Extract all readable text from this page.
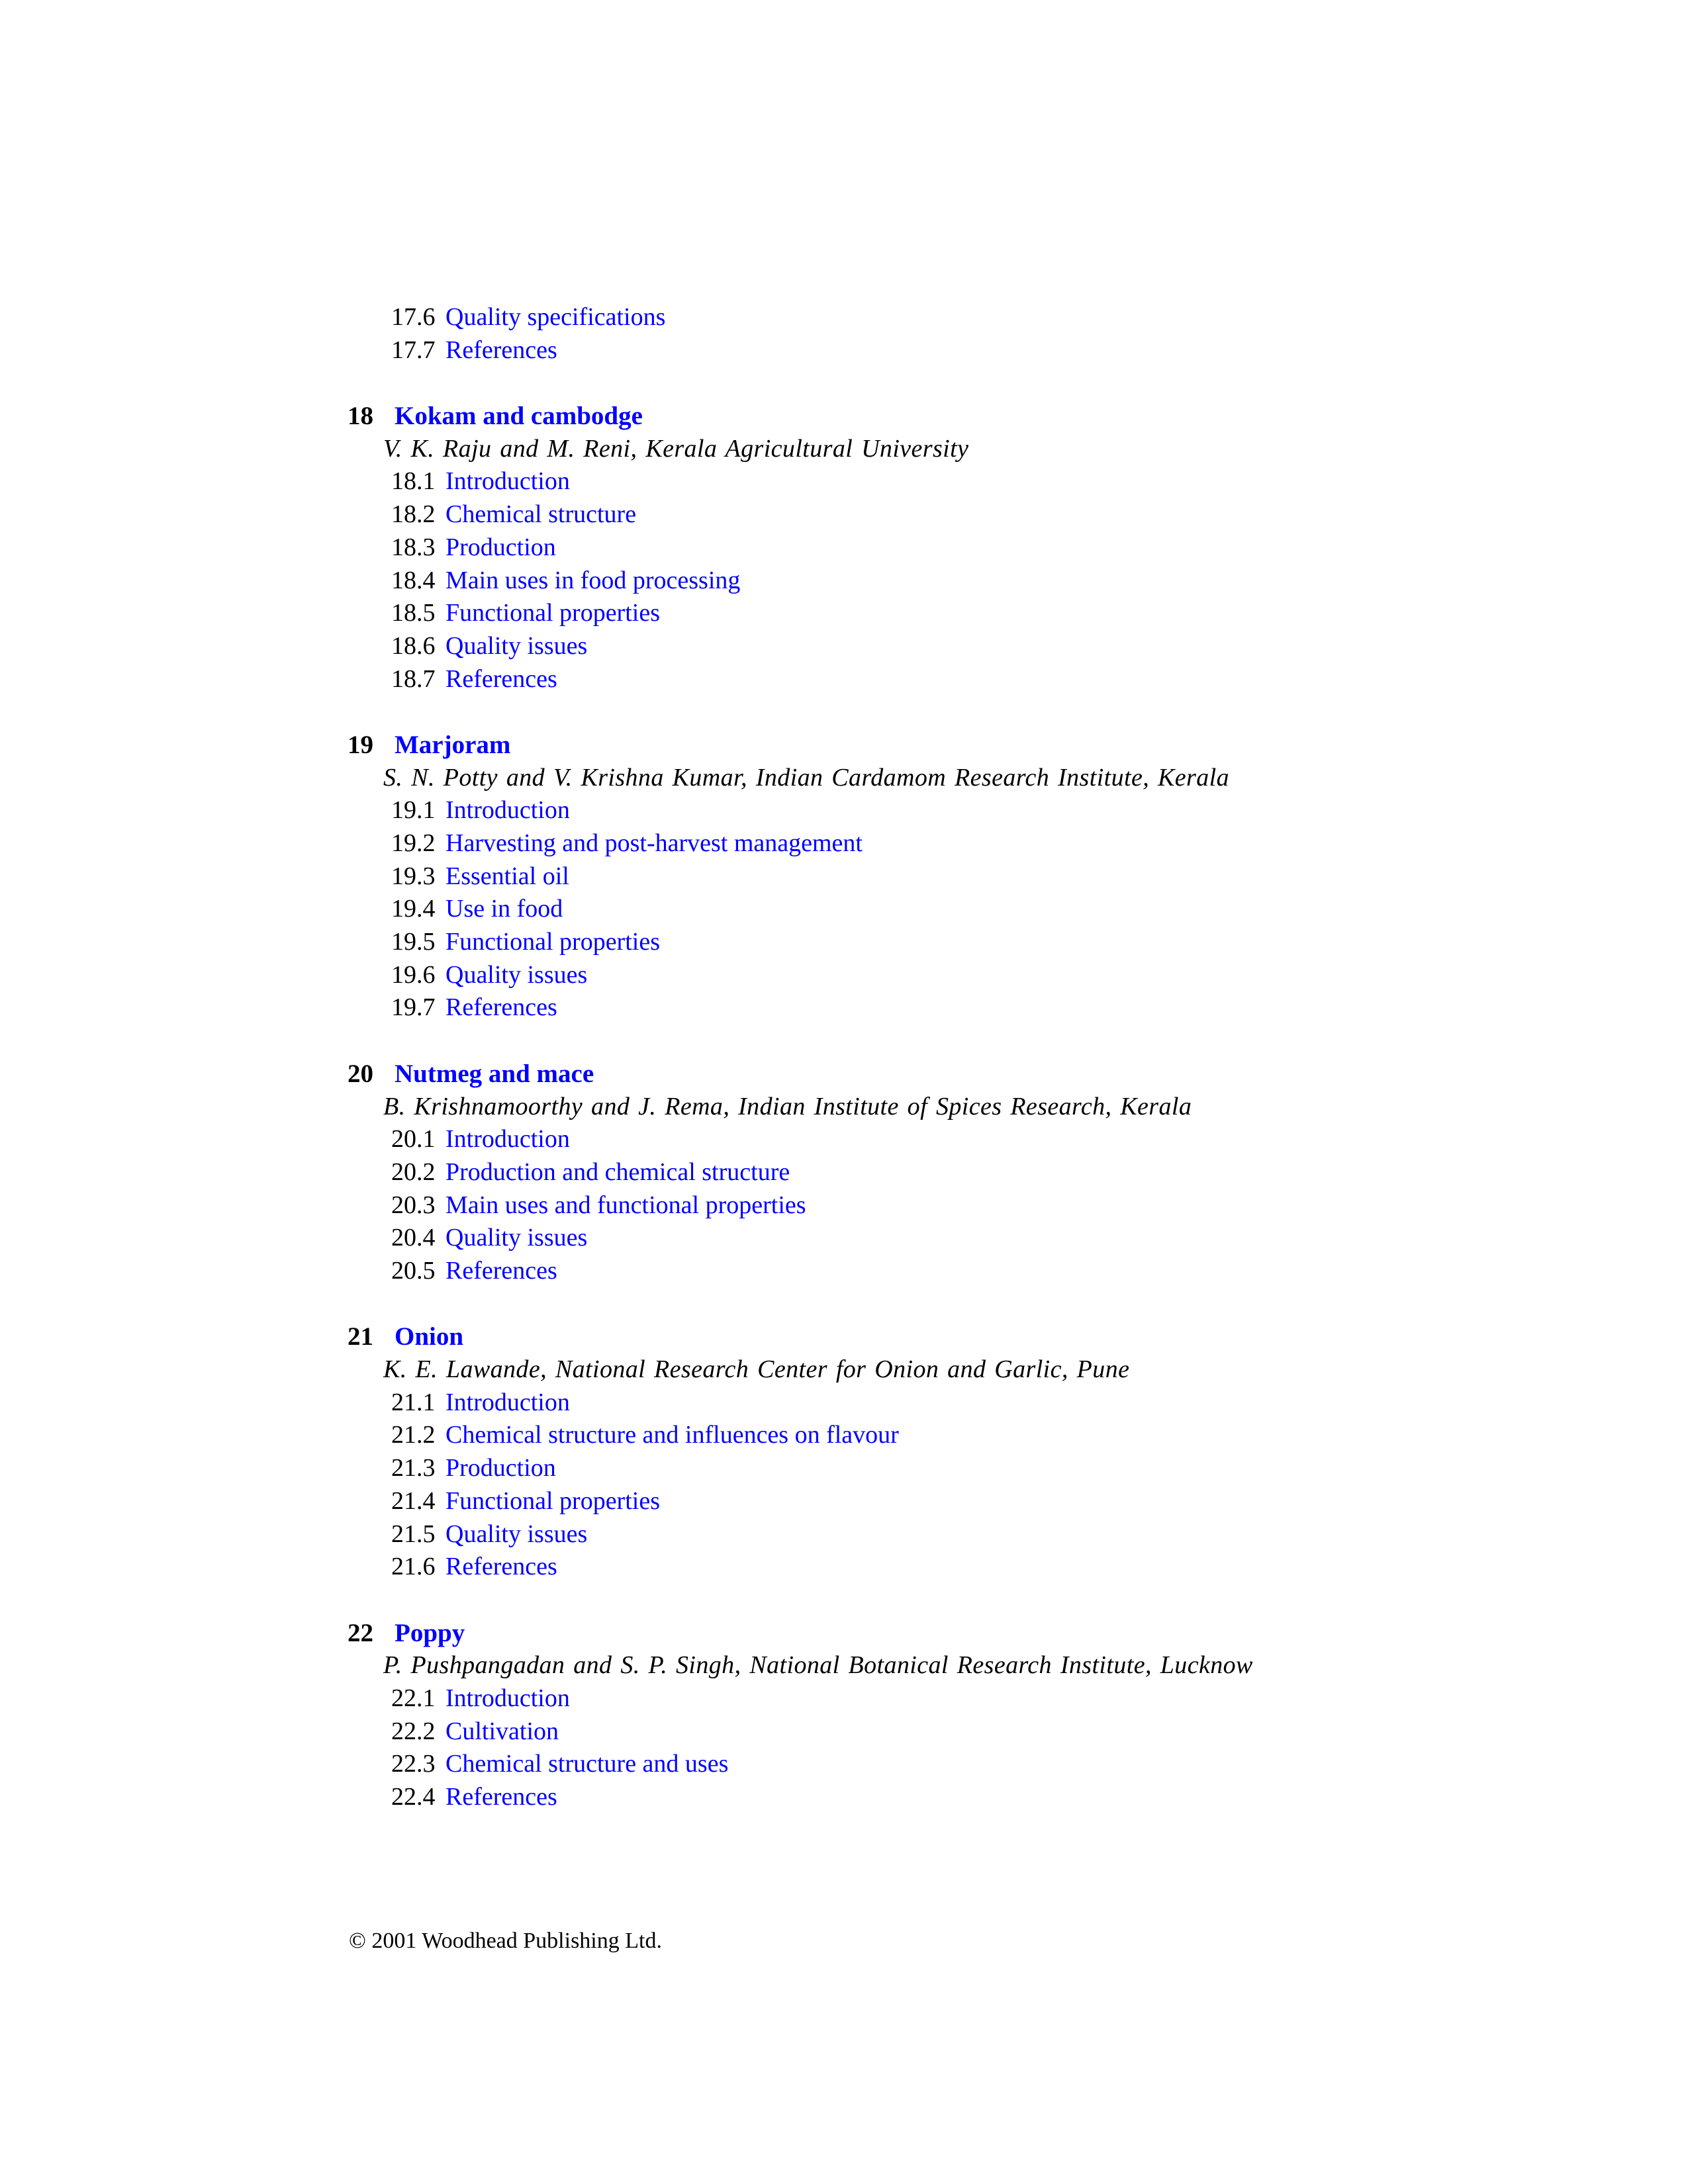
17.6 Quality specifications
17.7 References
18 Kokam and cambodge
V. K. Raju and M. Reni, Kerala Agricultural University
18.1 Introduction
18.2 Chemical structure
18.3 Production
18.4 Main uses in food processing
18.5 Functional properties
18.6 Quality issues
18.7 References
19 Marjoram
S. N. Potty and V. Krishna Kumar, Indian Cardamom Research Institute, Kerala
19.1 Introduction
19.2 Harvesting and post-harvest management
19.3 Essential oil
19.4 Use in food
19.5 Functional properties
19.6 Quality issues
19.7 References
20 Nutmeg and mace
B. Krishnamoorthy and J. Rema, Indian Institute of Spices Research, Kerala
20.1 Introduction
20.2 Production and chemical structure
20.3 Main uses and functional properties
20.4 Quality issues
20.5 References
21 Onion
K. E. Lawande, National Research Center for Onion and Garlic, Pune
21.1 Introduction
21.2 Chemical structure and influences on flavour
21.3 Production
21.4 Functional properties
21.5 Quality issues
21.6 References
22 Poppy
P. Pushpangadan and S. P. Singh, National Botanical Research Institute, Lucknow
22.1 Introduction
22.2 Cultivation
22.3 Chemical structure and uses
22.4 References
© 2001 Woodhead Publishing Ltd.
